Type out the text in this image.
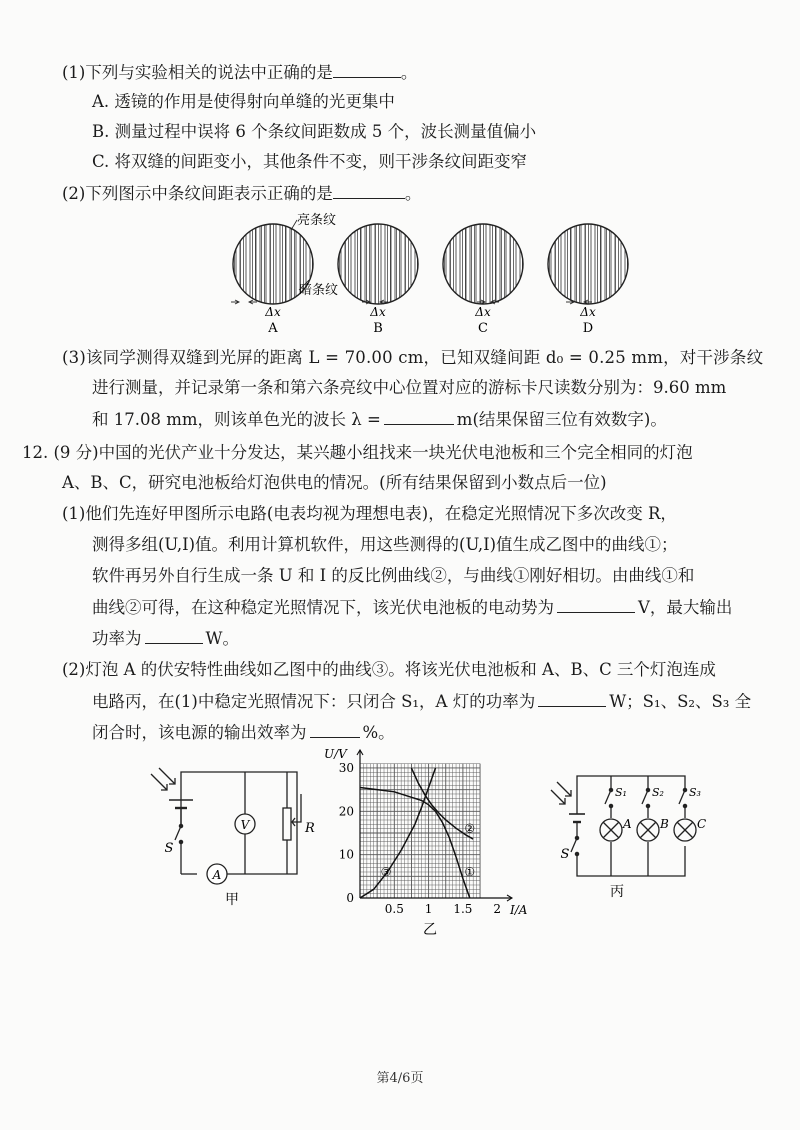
(1)下列与实验相关的说法中正确的是	。
A. 透镜的作用是使得射向单缝的光更集中
B. 测量过程中误将 6 个条纹间距数成 5 个，波长测量值偏小
C. 将双缝的间距变小，其他条件不变，则干涉条纹间距变窄
(2)下列图示中条纹间距表示正确的是	。
Δx
A
Δx
B
Δx
C
Δx
D
亮条纹
暗条纹
(3)该同学测得双缝到光屏的距离 L = 70.00 cm，已知双缝间距 d₀ = 0.25 mm，对干涉条纹
进行测量，并记录第一条和第六条亮纹中心位置对应的游标卡尺读数分别为：9.60 mm
和 17.08 mm，则该单色光的波长 λ =	m(结果保留三位有效数字)。
12. (9 分)中国的光伏产业十分发达，某兴趣小组找来一块光伏电池板和三个完全相同的灯泡
A、B、C，研究电池板给灯泡供电的情况。(所有结果保留到小数点后一位)
(1)他们先连好甲图所示电路(电表均视为理想电表)，在稳定光照情况下多次改变 R，
测得多组(U,I)值。利用计算机软件，用这些测得的(U,I)值生成乙图中的曲线①；
软件再另外自行生成一条 U 和 I 的反比例曲线②，与曲线①刚好相切。由曲线①和
曲线②可得，在这种稳定光照情况下，该光伏电池板的电动势为	V，最大输出
功率为	W。
(2)灯泡 A 的伏安特性曲线如乙图中的曲线③。将该光伏电池板和 A、B、C 三个灯泡连成
电路丙，在(1)中稳定光照情况下：只闭合 S₁，A 灯的功率为	W；S₁、S₂、S₃ 全
闭合时，该电源的输出效率为	%。
V
A
S
R
甲
①
②
③
U/V
I/A
30
20
10
0
0.5 1 1.5 2
乙
S₁ S₂ S₃
A B C
S
丙
第4/6页
